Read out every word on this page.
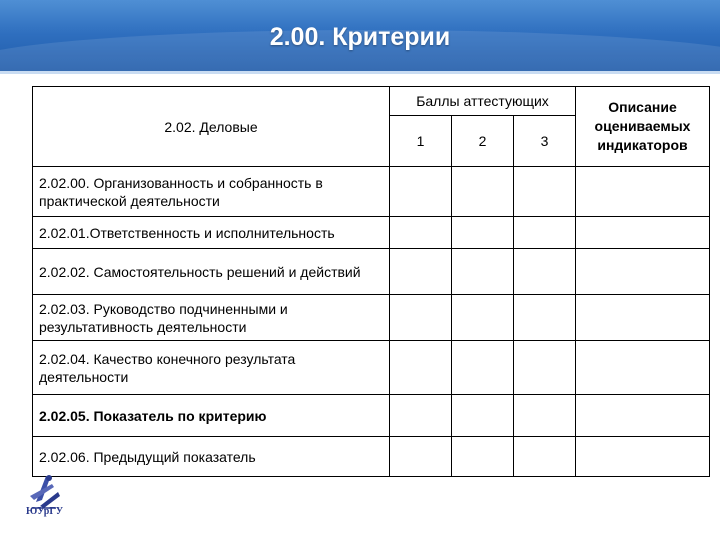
2.00. Критерии
2.02. Деловые	Баллы аттестующих			Описание оцениваемых индикаторов
	1	2	3	
2.02.00. Организованность и собранность в практической деятельности				
2.02.01.Ответственность и исполнительность				
2.02.02. Самостоятельность решений и действий				
2.02.03. Руководство подчиненными и результативность деятельности				
2.02.04. Качество конечного результата деятельности				
2.02.05. Показатель по критерию				
2.02.06. Предыдущий показатель				
ЮУрГУ
